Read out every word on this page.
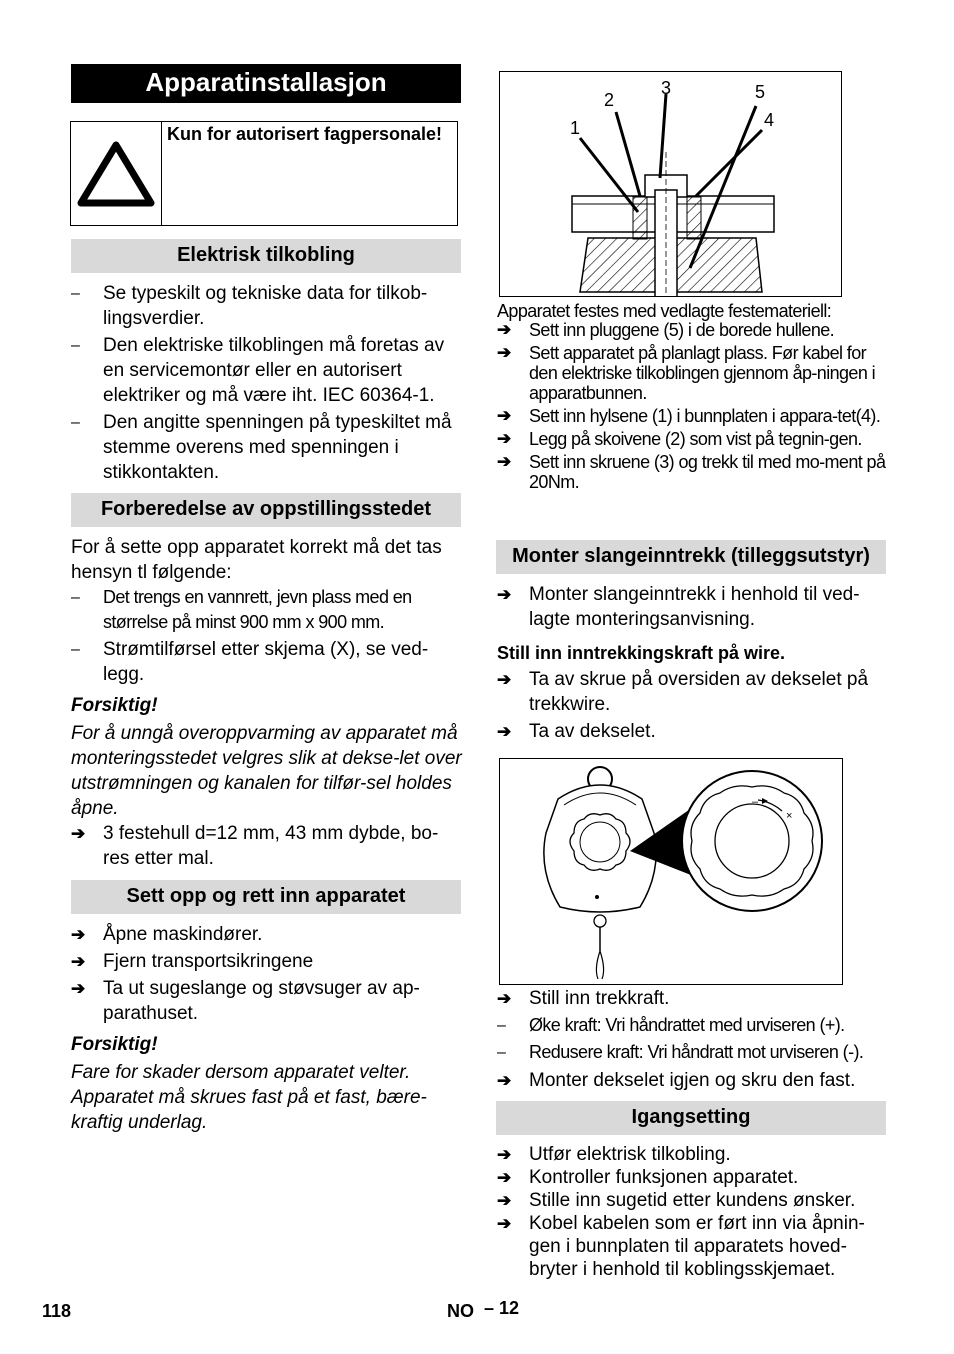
Apparatinstallasjon
Kun for autorisert fagpersonale!
Elektrisk tilkobling
– Se typeskilt og tekniske data for tilkob-lingsverdier.
– Den elektriske tilkoblingen må foretas av en servicemontør eller en autorisert elektriker og må være iht. IEC 60364-1.
– Den angitte spenningen på typeskiltet må stemme overens med spenningen i stikkontakten.
Forberedelse av oppstillingsstedet

For å sette opp apparatet korrekt må det tas hensyn tl følgende:

– Det trengs en vannrett, jevn plass med en størrelse på minst 900 mm x 900 mm.
– Strømtilførsel etter skjema (X), se ved-legg.

Forsiktig!

For å unngå overoppvarming av apparatet må monteringsstedet velgres slik at dekse-let over utstrømningen og kanalen for tilfør-sel holdes åpne.

➔ 3 festehull d=12 mm, 43 mm dybde, bo-res etter mal.
Sett opp og rett inn apparatet
➔ Åpne maskindører.
➔ Fjern transportsikringene
➔ Ta ut sugeslange og støvsuger av ap-parathuset.

Forsiktig!

Fare for skader dersom apparatet velter. Apparatet må skrues fast på et fast, bære-kraftig underlag.

1
2
3	5
4

Apparatet festes med vedlagte festemateriell:

➔ Sett inn pluggene (5) i de borede hullene.
➔ Sett apparatet på planlagt plass. Før kabel for den elektriske tilkoblingen gjennom åp-ningen i apparatbunnen.
➔ Sett inn hylsene (1) i bunnplaten i appara-tet(4).
➔ Legg på skoivene (2) som vist på tegnin-gen.
➔ Sett inn skruene (3) og trekk til med mo-ment på 20Nm.
Monter slangeinntrekk (tilleggsutstyr)
➔ Monter slangeinntrekk i henhold til ved-lagte monteringsanvisning.

Still inn inntrekkingskraft på wire.

➔ Ta av skrue på oversiden av dekselet på trekkwire.
➔ Ta av dekselet.
–
×
➔ Still inn trekkraft.
– Øke kraft: Vri håndrattet med urviseren (+).
– Redusere kraft: Vri håndratt mot urviseren (-).
➔ Monter dekselet igjen og skru den fast.
Igangsetting
➔ Utfør elektrisk tilkobling.
➔ Kontroller funksjonen apparatet.
➔ Stille inn sugetid etter kundens ønsker.
➔ Kobel kabelen som er ført inn via åpnin-gen i bunnplaten til apparatets hoved-bryter i henhold til koblingsskjemaet.
118	NO – 12
